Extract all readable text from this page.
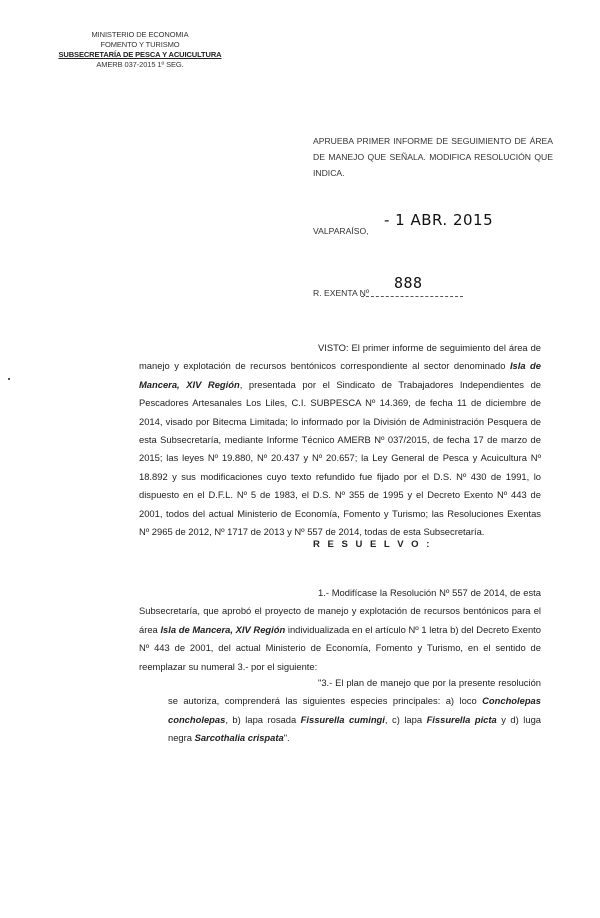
MINISTERIO DE ECONOMIA
FOMENTO Y TURISMO
SUBSECRETARÍA DE PESCA Y ACUICULTURA
AMERB 037-2015 1º SEG.
APRUEBA PRIMER INFORME DE SEGUIMIENTO DE ÁREA DE MANEJO QUE SEÑALA. MODIFICA RESOLUCIÓN QUE INDICA.
- 1 ABR. 2015
VALPARAÍSO,
888
R. EXENTA Nº
VISTO: El primer informe de seguimiento del área de manejo y explotación de recursos bentónicos correspondiente al sector denominado Isla de Mancera, XIV Región, presentada por el Sindicato de Trabajadores Independientes de Pescadores Artesanales Los Liles, C.I. SUBPESCA Nº 14.369, de fecha 11 de diciembre de 2014, visado por Bitecma Limitada; lo informado por la División de Administración Pesquera de esta Subsecretaría, mediante Informe Técnico AMERB Nº 037/2015, de fecha 17 de marzo de 2015; las leyes Nº 19.880, Nº 20.437 y Nº 20.657; la Ley General de Pesca y Acuicultura Nº 18.892 y sus modificaciones cuyo texto refundido fue fijado por el D.S. Nº 430 de 1991, lo dispuesto en el D.F.L. Nº 5 de 1983, el D.S. Nº 355 de 1995 y el Decreto Exento Nº 443 de 2001, todos del actual Ministerio de Economía, Fomento y Turismo; las Resoluciones Exentas Nº 2965 de 2012, Nº 1717 de 2013 y Nº 557 de 2014, todas de esta Subsecretaría.
R E S U E L V O :
1.- Modifícase la Resolución Nº 557 de 2014, de esta Subsecretaría, que aprobó el proyecto de manejo y explotación de recursos bentónicos para el área Isla de Mancera, XIV Región individualizada en el artículo Nº 1 letra b) del Decreto Exento Nº 443 de 2001, del actual Ministerio de Economía, Fomento y Turismo, en el sentido de reemplazar su numeral 3.- por el siguiente:
"3.- El plan de manejo que por la presente resolución se autoriza, comprenderá las siguientes especies principales: a) loco Concholepas concholepas, b) lapa rosada Fissurella cumingi, c) lapa Fissurella picta y d) luga negra Sarcothalia crispata".
